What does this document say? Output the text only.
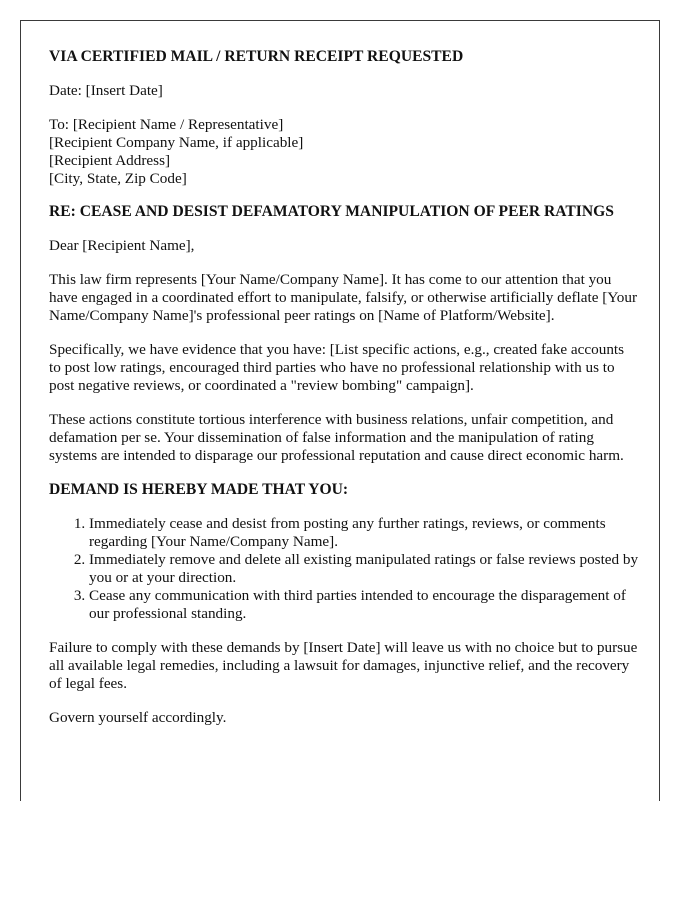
VIA CERTIFIED MAIL / RETURN RECEIPT REQUESTED

Date: [Insert Date]

To: [Recipient Name / Representative]
[Recipient Company Name, if applicable]
[Recipient Address]
[City, State, Zip Code]

RE: CEASE AND DESIST DEFAMATORY MANIPULATION OF PEER RATINGS

Dear [Recipient Name],

This law firm represents [Your Name/Company Name]. It has come to our attention that you have engaged in a coordinated effort to manipulate, falsify, or otherwise artificially deflate [Your Name/Company Name]'s professional peer ratings on [Name of Platform/Website].

Specifically, we have evidence that you have: [List specific actions, e.g., created fake accounts to post low ratings, encouraged third parties who have no professional relationship with us to post negative reviews, or coordinated a "review bombing" campaign].

These actions constitute tortious interference with business relations, unfair competition, and defamation per se. Your dissemination of false information and the manipulation of rating systems are intended to disparage our professional reputation and cause direct economic harm.

DEMAND IS HEREBY MADE THAT YOU:

1. Immediately cease and desist from posting any further ratings, reviews, or comments regarding [Your Name/Company Name].
2. Immediately remove and delete all existing manipulated ratings or false reviews posted by you or at your direction.
3. Cease any communication with third parties intended to encourage the disparagement of our professional standing.

Failure to comply with these demands by [Insert Date] will leave us with no choice but to pursue all available legal remedies, including a lawsuit for damages, injunctive relief, and the recovery of legal fees.

Govern yourself accordingly.
